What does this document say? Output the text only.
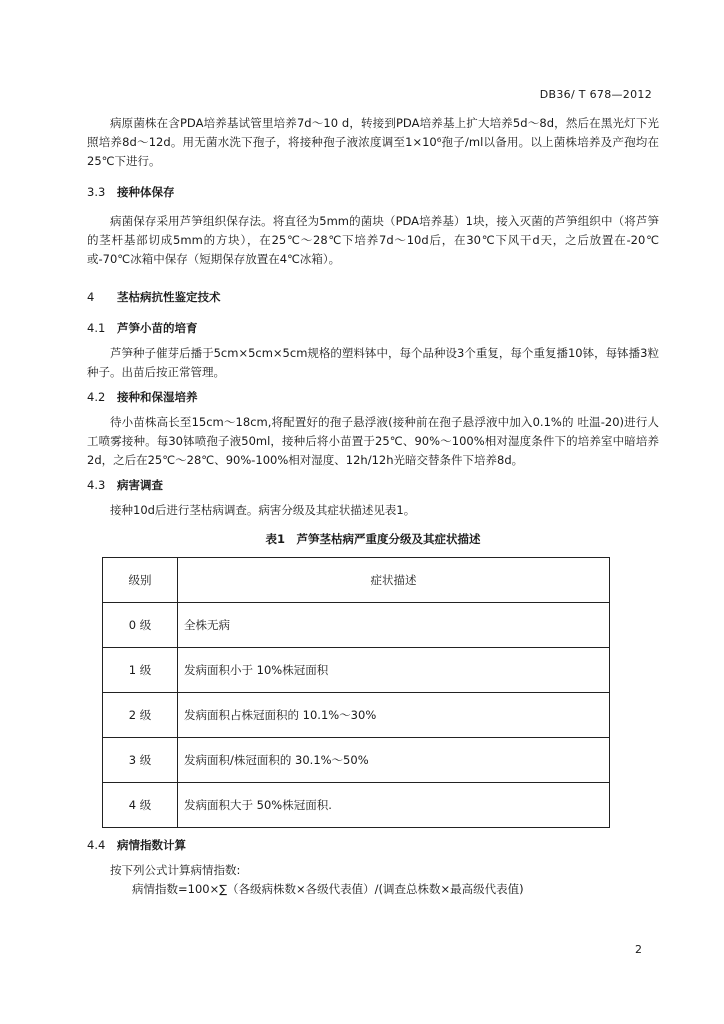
DB36/ T 678—2012

病原菌株在含PDA培养基试管里培养7d～10 d，转接到PDA培养基上扩大培养5d～8d，然后在黑光灯下光照培养8d～12d。用无菌水洗下孢子，将接种孢子液浓度调至1×10⁶孢子/ml以备用。以上菌株培养及产孢均在25℃下进行。

3.3 接种体保存

病菌保存采用芦笋组织保存法。将直径为5mm的菌块（PDA培养基）1块，接入灭菌的芦笋组织中（将芦笋的茎杆基部切成5mm的方块），在25℃～28℃下培养7d～10d后，在30℃下风干d天，之后放置在-20℃或-70℃冰箱中保存（短期保存放置在4℃冰箱）。

4 茎枯病抗性鉴定技术

4.1 芦笋小苗的培育

芦笋种子催芽后播于5cm×5cm×5cm规格的塑料钵中，每个品种设3个重复，每个重复播10钵，每钵播3粒种子。出苗后按正常管理。

4.2 接种和保湿培养

待小苗株高长至15cm～18cm,将配置好的孢子悬浮液(接种前在孢子悬浮液中加入0.1%的 吐温-20)进行人工喷雾接种。每30钵喷孢子液50ml，接种后将小苗置于25℃、90%～100%相对湿度条件下的培养室中暗培养2d，之后在25℃～28℃、90%-100%相对湿度、12h/12h光暗交替条件下培养8d。

4.3 病害调查

接种10d后进行茎枯病调查。病害分级及其症状描述见表1。

表1　芦笋茎枯病严重度分级及其症状描述

级别	症状描述
0 级	全株无病
1 级	发病面积小于 10%株冠面积
2 级	发病面积占株冠面积的 10.1%～30%
3 级	发病面积/株冠面积的 30.1%～50%
4 级	发病面积大于 50%株冠面积.

4.4 病情指数计算

按下列公式计算病情指数:

病情指数=100×∑（各级病株数×各级代表值）/(调查总株数×最高级代表值)

2
